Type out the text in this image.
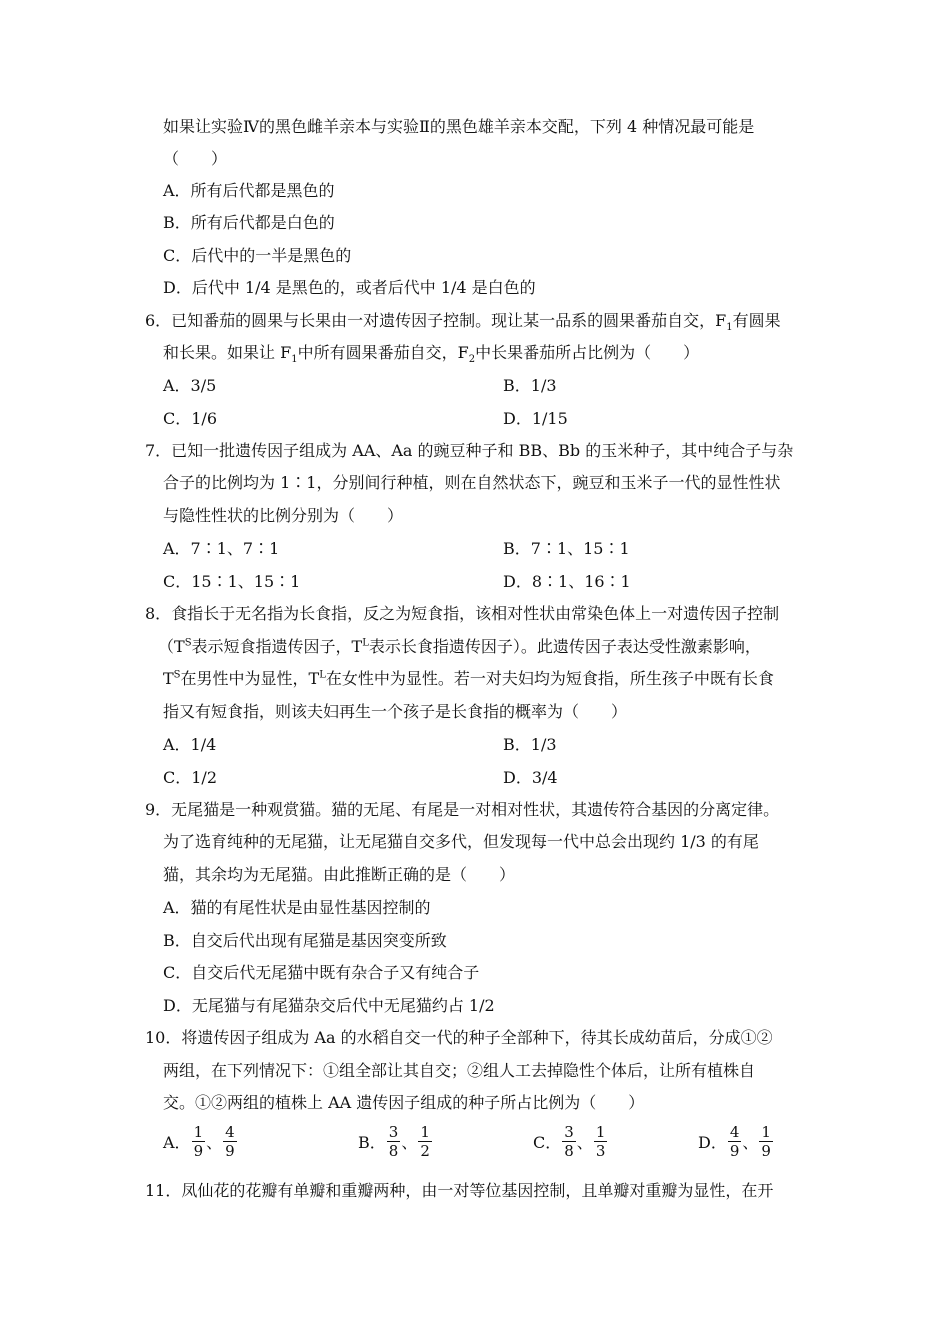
如果让实验Ⅳ的黑色雌羊亲本与实验Ⅱ的黑色雄羊亲本交配，下列 4 种情况最可能是
（　　）
A．所有后代都是黑色的
B．所有后代都是白色的
C．后代中的一半是黑色的
D．后代中 1/4 是黑色的，或者后代中 1/4 是白色的
6．已知番茄的圆果与长果由一对遗传因子控制。现让某一品系的圆果番茄自交，$F_1$有圆果
和长果。如果让 $F_1$中所有圆果番茄自交，$F_2$中长果番茄所占比例为（　　）
A．3/5	B．1/3
C．1/6	D．1/15
7．已知一批遗传因子组成为 AA、Aa 的豌豆种子和 BB、Bb 的玉米种子，其中纯合子与杂
合子的比例均为 1∶1，分别间行种植，则在自然状态下，豌豆和玉米子一代的显性性状
与隐性性状的比例分别为（　　）
A．7∶1、7∶1	B．7∶1、15∶1
C．15∶1、15∶1	D．8∶1、16∶1
8．食指长于无名指为长食指，反之为短食指，该相对性状由常染色体上一对遗传因子控制
（$T^S$表示短食指遗传因子，$T^L$表示长食指遗传因子）。此遗传因子表达受性激素影响，
$T^S$在男性中为显性，$T^L$在女性中为显性。若一对夫妇均为短食指，所生孩子中既有长食
指又有短食指，则该夫妇再生一个孩子是长食指的概率为（　　）
A．1/4	B．1/3
C．1/2	D．3/4
9．无尾猫是一种观赏猫。猫的无尾、有尾是一对相对性状，其遗传符合基因的分离定律。
为了选育纯种的无尾猫，让无尾猫自交多代，但发现每一代中总会出现约 1/3 的有尾
猫，其余均为无尾猫。由此推断正确的是（　　）
A．猫的有尾性状是由显性基因控制的
B．自交后代出现有尾猫是基因突变所致
C．自交后代无尾猫中既有杂合子又有纯合子
D．无尾猫与有尾猫杂交后代中无尾猫约占 1/2
10．将遗传因子组成为 Aa 的水稻自交一代的种子全部种下，待其长成幼苗后，分成①②
两组，在下列情况下：①组全部让其自交；②组人工去掉隐性个体后，让所有植株自
交。①②两组的植株上 AA 遗传因子组成的种子所占比例为（　　）
A． $\frac{1}{9}$ 、 $\frac{4}{9}$	B． $\frac{3}{8}$ 、 $\frac{1}{2}$	C． $\frac{3}{8}$ 、 $\frac{1}{3}$	D． $\frac{4}{9}$ 、 $\frac{1}{9}$
11．凤仙花的花瓣有单瓣和重瓣两种，由一对等位基因控制，且单瓣对重瓣为显性，在开
